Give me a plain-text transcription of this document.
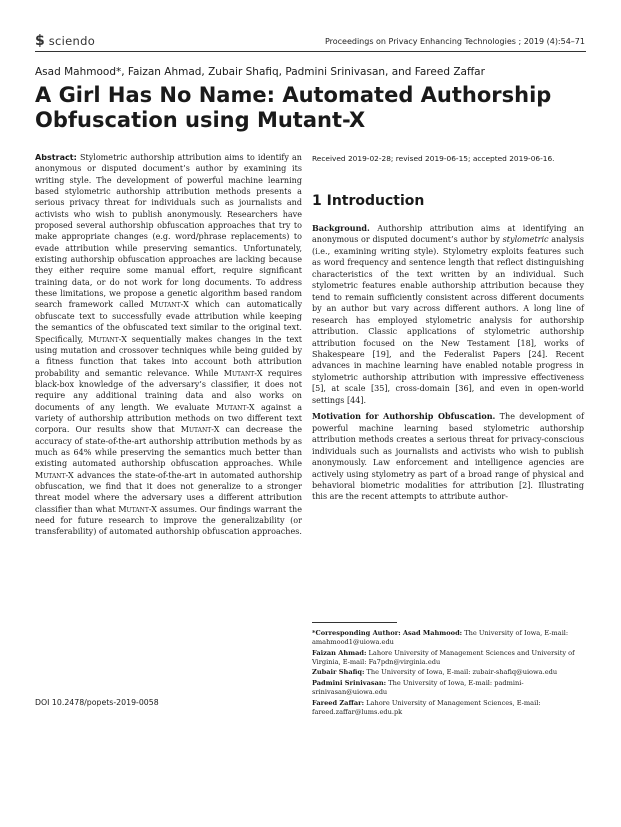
$ sciendo	Proceedings on Privacy Enhancing Technologies ; 2019 (4):54–71
Asad Mahmood*, Faizan Ahmad, Zubair Shafiq, Padmini Srinivasan, and Fareed Zaffar
A Girl Has No Name: Automated Authorship Obfuscation using Mutant-X

Abstract: Stylometric authorship attribution aims to identify an anonymous or disputed document’s author by examining its writing style. The development of powerful machine learning based stylometric authorship attribution methods presents a serious privacy threat for individuals such as journalists and activists who wish to publish anonymously. Researchers have proposed several authorship obfuscation approaches that try to make appropriate changes (e.g. word/phrase replacements) to evade attribution while preserving semantics. Unfortunately, existing authorship obfuscation approaches are lacking because they either require some manual effort, require significant training data, or do not work for long documents. To address these limitations, we propose a genetic algorithm based random search framework called Mutant-X which can automatically obfuscate text to successfully evade attribution while keeping the semantics of the obfuscated text similar to the original text. Specifically, Mutant-X sequentially makes changes in the text using mutation and crossover techniques while being guided by a fitness function that takes into account both attribution probability and semantic relevance. While Mutant-X requires black-box knowledge of the adversary’s classifier, it does not require any additional training data and also works on documents of any length. We evaluate Mutant-X against a variety of authorship attribution methods on two different text corpora. Our results show that Mutant-X can decrease the accuracy of state-of-the-art authorship attribution methods by as much as 64% while preserving the semantics much better than existing automated authorship obfuscation approaches. While Mutant-X advances the state-of-the-art in automated authorship obfuscation, we find that it does not generalize to a stronger threat model where the adversary uses a different attribution classifier than what Mutant-X assumes. Our findings warrant the need for future research to improve the generalizability (or transferability) of automated authorship obfuscation approaches.

DOI 10.2478/popets-2019-0058
Received 2019-02-28; revised 2019-06-15; accepted 2019-06-16.
1 Introduction

Background. Authorship attribution aims at identifying an anonymous or disputed document’s author by stylometric analysis (i.e., examining writing style). Stylometry exploits features such as word frequency and sentence length that reflect distinguishing characteristics of the text written by an individual. Such stylometric features enable authorship attribution because they tend to remain sufficiently consistent across different documents by an author but vary across different authors. A long line of research has employed stylometric analysis for authorship attribution. Classic applications of stylometric authorship attribution focused on the New Testament [18], works of Shakespeare [19], and the Federalist Papers [24]. Recent advances in machine learning have enabled notable progress in stylometric authorship attribution with impressive effectiveness [5], at scale [35], cross-domain [36], and even in open-world settings [44].

Motivation for Authorship Obfuscation. The development of powerful machine learning based stylometric authorship attribution methods creates a serious threat for privacy-conscious individuals such as journalists and activists who wish to publish anonymously. Law enforcement and intelligence agencies are actively using stylometry as part of a broad range of physical and behavioral biometric modalities for attribution [2]. Illustrating this are the recent attempts to attribute author-

*Corresponding Author: Asad Mahmood: The University of Iowa, E-mail: amahmood1@uiowa.edu

Faizan Ahmad: Lahore University of Management Sciences and University of Virginia, E-mail: Fa7pdn@virginia.edu

Zubair Shafiq: The University of Iowa, E-mail: zubair-shafiq@uiowa.edu

Padmini Srinivasan: The University of Iowa, E-mail: padmini-srinivasan@uiowa.edu

Fareed Zaffar: Lahore University of Management Sciences, E-mail: fareed.zaffar@lums.edu.pk
